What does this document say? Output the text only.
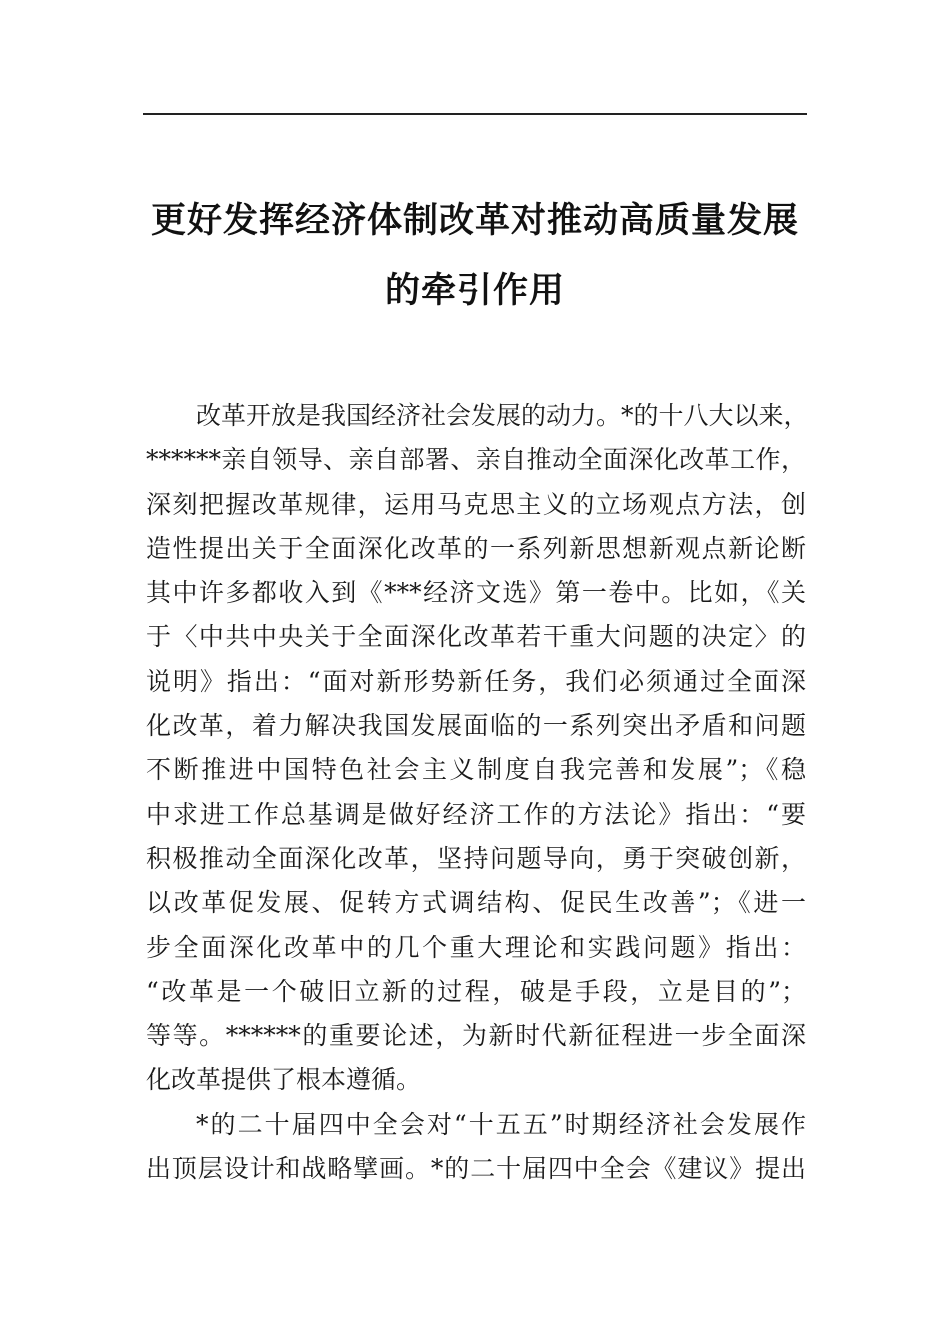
更好发挥经济体制改革对推动高质量发展
的牵引作用
改革开放是我国经济社会发展的动力。*的十八大以来，
******亲自领导、亲自部署、亲自推动全面深化改革工作，
深刻把握改革规律，运用马克思主义的立场观点方法，创
造性提出关于全面深化改革的一系列新思想新观点新论断
其中许多都收入到《***经济文选》第一卷中。比如，《关
于〈中共中央关于全面深化改革若干重大问题的决定〉的
说明》指出：“面对新形势新任务，我们必须通过全面深
化改革，着力解决我国发展面临的一系列突出矛盾和问题
不断推进中国特色社会主义制度自我完善和发展”；《稳
中求进工作总基调是做好经济工作的方法论》指出：“要
积极推动全面深化改革，坚持问题导向，勇于突破创新，
以改革促发展、促转方式调结构、促民生改善”；《进一
步全面深化改革中的几个重大理论和实践问题》指出：
“改革是一个破旧立新的过程，破是手段，立是目的”；
等等。******的重要论述，为新时代新征程进一步全面深
化改革提供了根本遵循。
*的二十届四中全会对“十五五”时期经济社会发展作
出顶层设计和战略擘画。*的二十届四中全会《建议》提出
